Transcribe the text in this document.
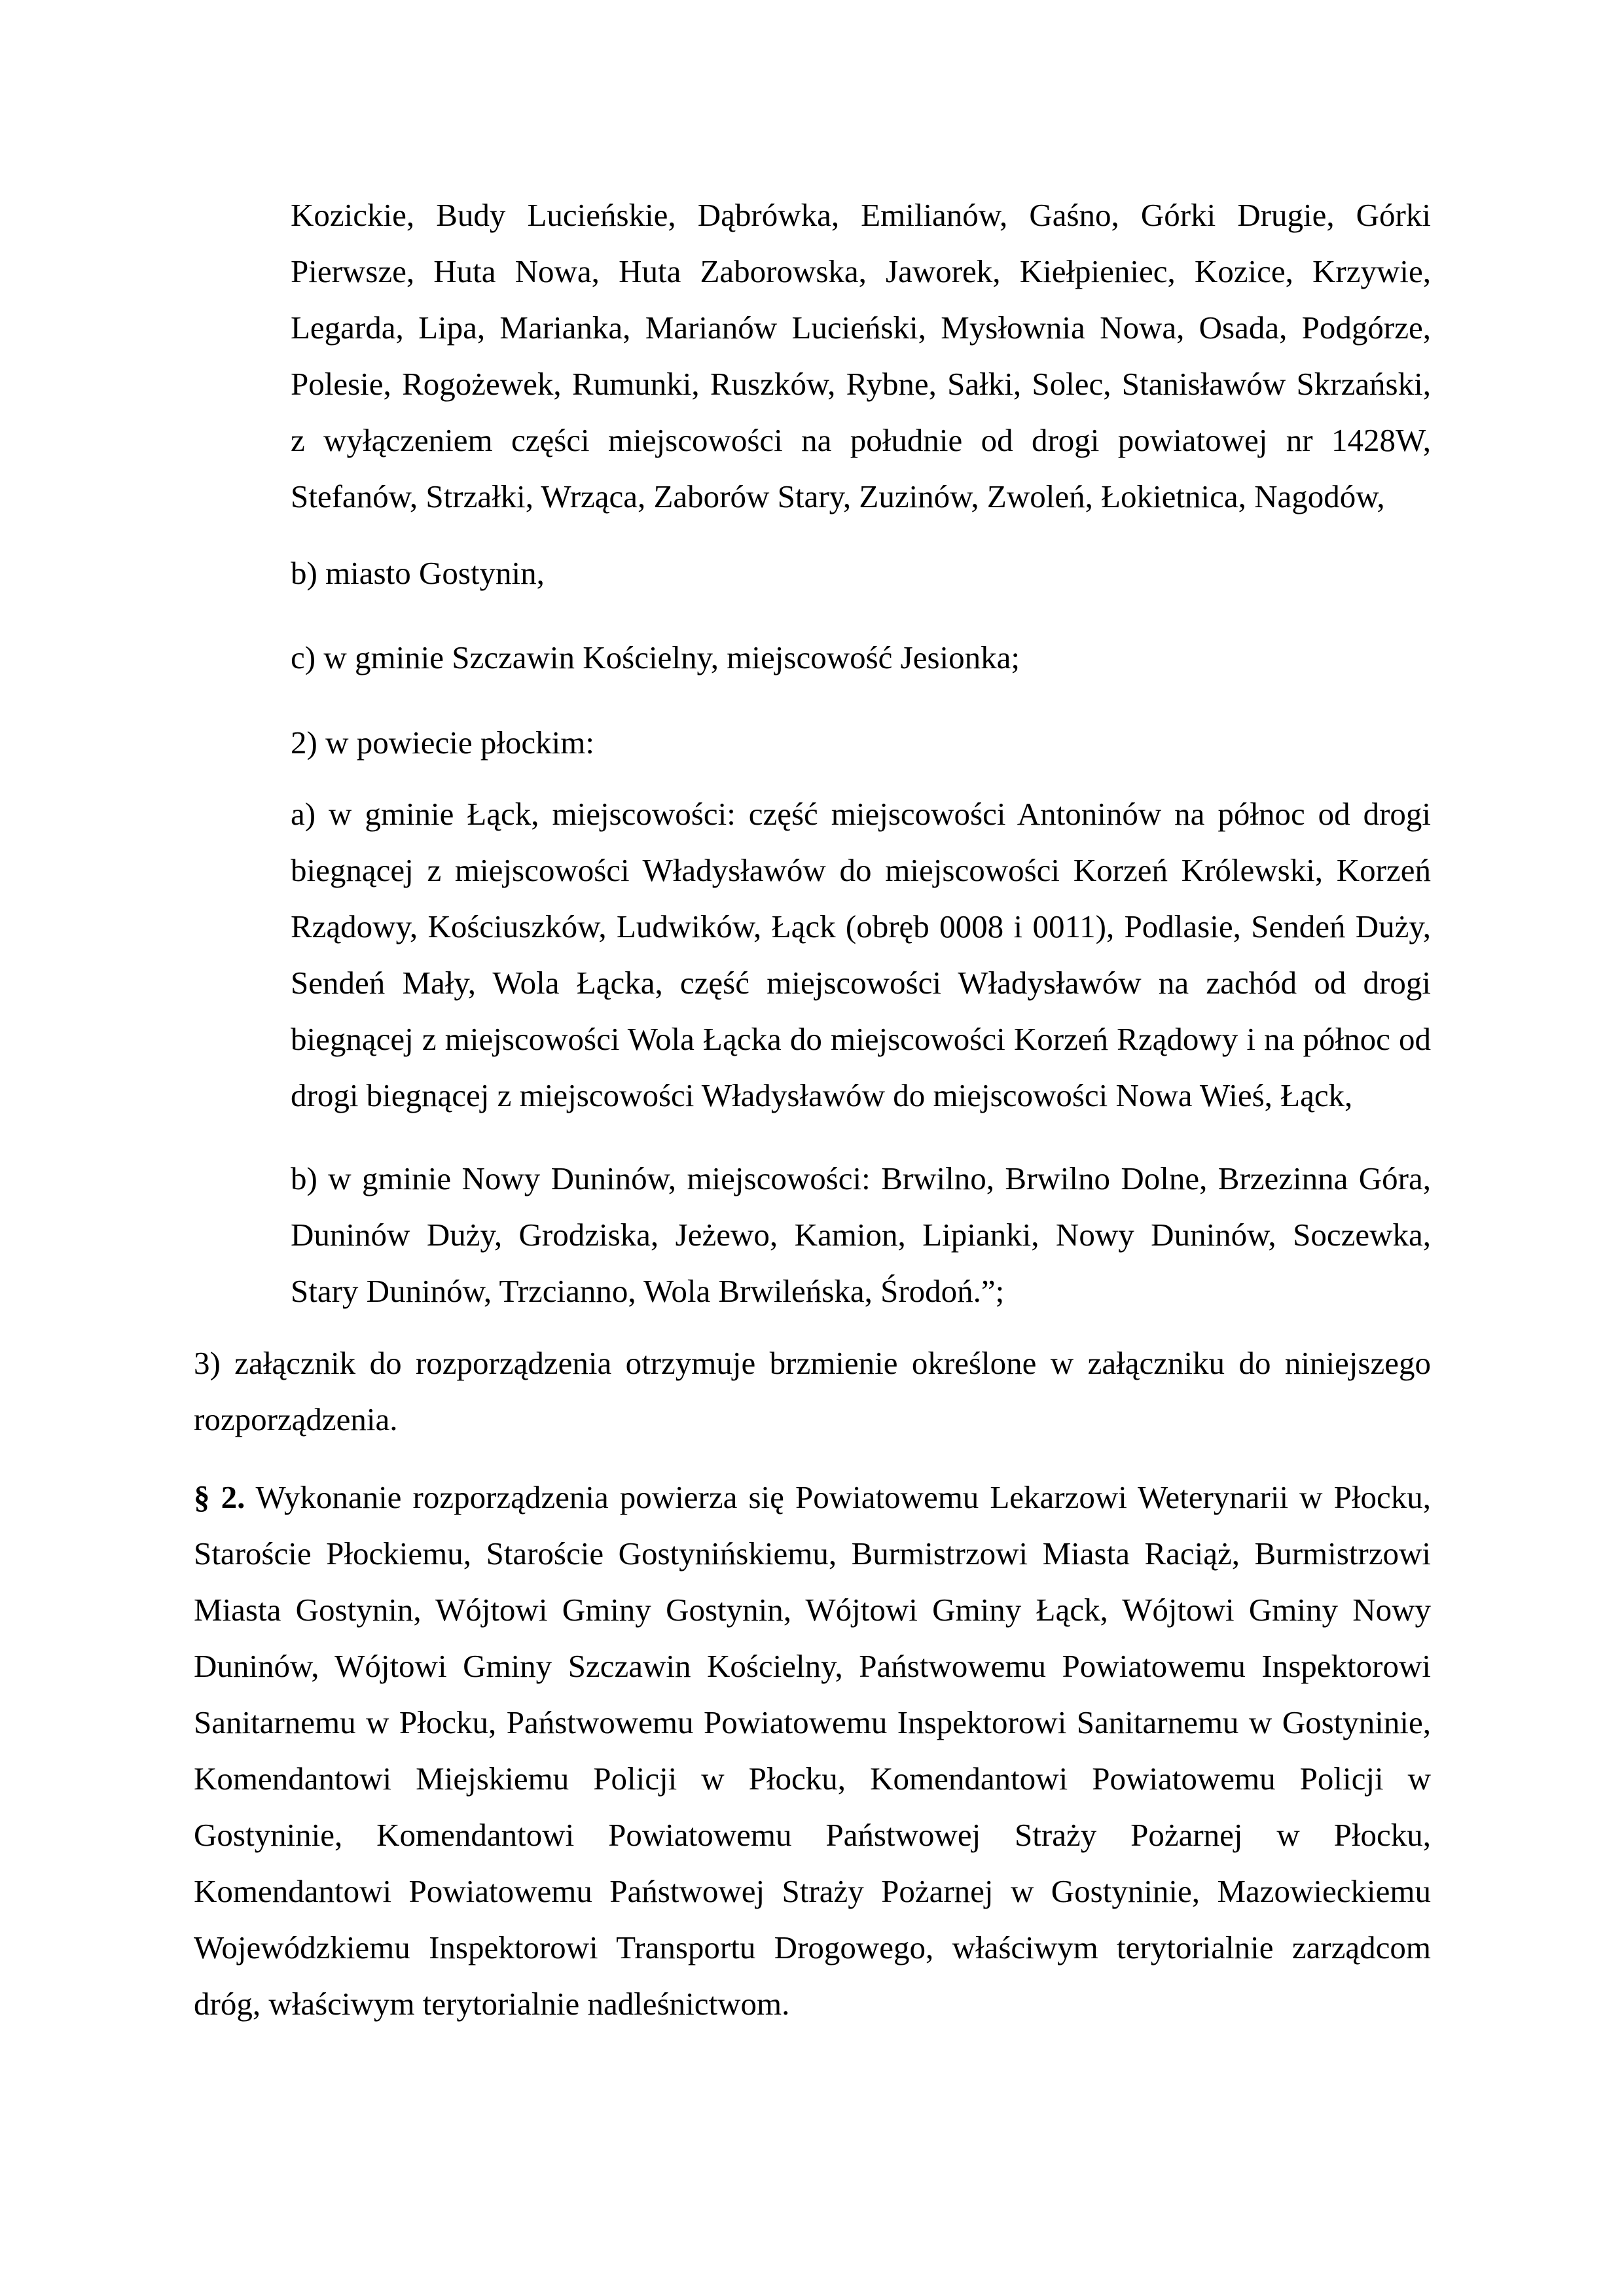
Kozickie, Budy Lucieńskie, Dąbrówka, Emilianów, Gaśno, Górki Drugie, Górki Pierwsze, Huta Nowa, Huta Zaborowska, Jaworek, Kiełpieniec, Kozice, Krzywie, Legarda, Lipa, Marianka, Marianów Lucieński, Mysłownia Nowa, Osada, Podgórze, Polesie, Rogożewek, Rumunki, Ruszków, Rybne, Sałki, Solec, Stanisławów Skrzański, z wyłączeniem części miejscowości na południe od drogi powiatowej nr 1428W, Stefanów, Strzałki, Wrząca, Zaborów Stary, Zuzinów, Zwoleń, Łokietnica, Nagodów,

b) miasto Gostynin,

c) w gminie Szczawin Kościelny, miejscowość Jesionka;

2) w powiecie płockim:

a) w gminie Łąck, miejscowości: część miejscowości Antoninów na północ od drogi biegnącej z miejscowości Władysławów do miejscowości Korzeń Królewski, Korzeń Rządowy, Kościuszków, Ludwików, Łąck (obręb 0008 i 0011), Podlasie, Sendeń Duży, Sendeń Mały, Wola Łącka, część miejscowości Władysławów na zachód od drogi biegnącej z miejscowości Wola Łącka do miejscowości Korzeń Rządowy i na północ od drogi biegnącej z miejscowości Władysławów do miejscowości Nowa Wieś, Łąck,

b) w gminie Nowy Duninów, miejscowości: Brwilno, Brwilno Dolne, Brzezinna Góra, Duninów Duży, Grodziska, Jeżewo, Kamion, Lipianki, Nowy Duninów, Soczewka, Stary Duninów, Trzcianno, Wola Brwileńska, Środoń.”;

3) załącznik do rozporządzenia otrzymuje brzmienie określone w załączniku do niniejszego rozporządzenia.

§ 2. Wykonanie rozporządzenia powierza się Powiatowemu Lekarzowi Weterynarii w Płocku, Staroście Płockiemu, Staroście Gostynińskiemu, Burmistrzowi Miasta Raciąż, Burmistrzowi Miasta Gostynin, Wójtowi Gminy Gostynin, Wójtowi Gminy Łąck, Wójtowi Gminy Nowy Duninów, Wójtowi Gminy Szczawin Kościelny, Państwowemu Powiatowemu Inspektorowi Sanitarnemu w Płocku, Państwowemu Powiatowemu Inspektorowi Sanitarnemu w Gostyninie, Komendantowi Miejskiemu Policji w Płocku, Komendantowi Powiatowemu Policji w Gostyninie, Komendantowi Powiatowemu Państwowej Straży Pożarnej w Płocku, Komendantowi Powiatowemu Państwowej Straży Pożarnej w Gostyninie, Mazowieckiemu Wojewódzkiemu Inspektorowi Transportu Drogowego, właściwym terytorialnie zarządcom dróg, właściwym terytorialnie nadleśnictwom.
